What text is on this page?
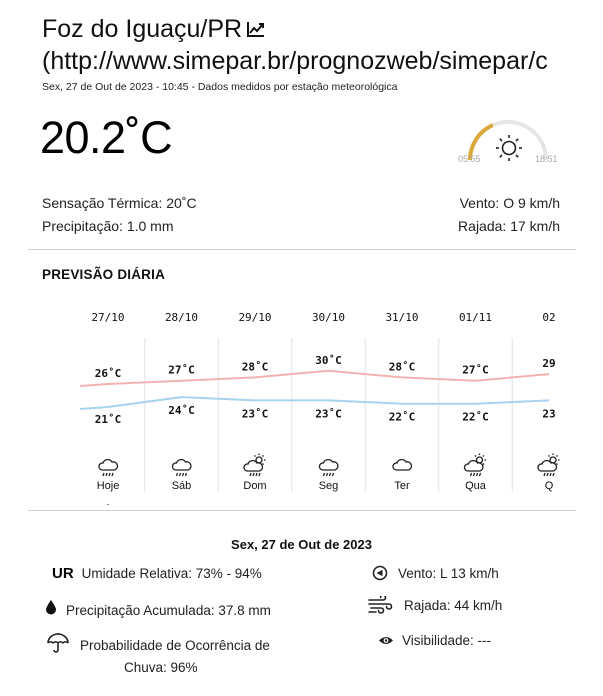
Foz do Iguaçu/PR
(http://www.simepar.br/prognozweb/simepar/c
Sex, 27 de Out de 2023 - 10:45 - Dados medidos por estação meteorológica
20.2˚C	05:55	18:51
Sensação Térmica: 20˚C
Precipitação: 1.0 mm
Vento: O 9 km/h
Rajada: 17 km/h
PREVISÃO DIÁRIA
27/10
26˚C
21˚C
Hoje
28/10
27˚C
24˚C
Sáb
29/10
28˚C
23˚C
Dom
30/10
30˚C
23˚C
Seg
31/10
28˚C
22˚C
Ter
01/11
27˚C
22˚C
Qua
02
29
23
Q
Sex, 27 de Out de 2023
UR Umidade Relativa: 73% - 94%
Precipitação Acumulada: 37.8 mm
Probabilidade de Ocorrência de
Chuva: 96%
Vento: L 13 km/h
Rajada: 44 km/h
Visibilidade: ---
